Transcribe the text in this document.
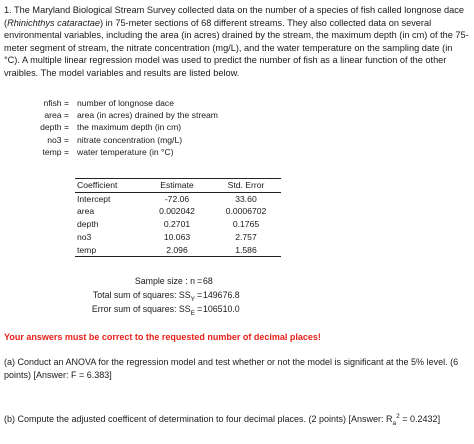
1. The Maryland Biological Stream Survey collected data on the number of a species of fish called longnose dace (Rhinichthys cataractae) in 75-meter sections of 68 different streams. They also collected data on several environmental variables, including the area (in acres) drained by the stream, the maximum depth (in cm) of the 75-meter segment of stream, the nitrate concentration (mg/L), and the water temperature on the sampling date (in °C). A multiple linear regression model was used to predict the number of fish as a linear function of the other vraibles. The model variables and results are listed below.
nfish = number of longnose dace
area = area (in acres) drained by the stream
depth = the maximum depth (in cm)
no3 = nitrate concentration (mg/L)
temp = water temperature (in °C)
Coefficient	Estimate	Std. Error
Intercept	-72.06	33.60
area	0.002042	0.0006702
depth	0.2701	0.1765
no3	10.063	2.757
temp	2.096	1.586
Sample size : n = 68
Total sum of squares: $SS_Y = 149676.8$
Error sum of squares: $SS_E = 106510.0$
Your answers must be correct to the requested number of decimal places!
(a) Conduct an ANOVA for the regression model and test whether or not the model is significant at the 5% level. (6 points) [Answer: F = 6.383]
(b) Compute the adjusted coefficent of determination to four decimal places. (2 points) [Answer: $R_a^2 = 0.2432$]
